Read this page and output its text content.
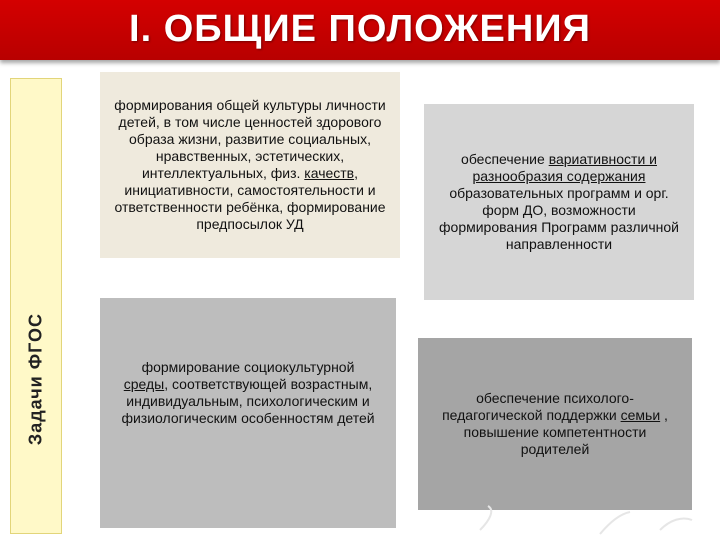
I. ОБЩИЕ ПОЛОЖЕНИЯ
Задачи ФГОС
формирования общей культуры личности детей, в том числе ценностей здорового образа жизни, развитие социальных, нравственных, эстетических, интеллектуальных, физ. качеств, инициативности, самостоятельности и ответственности ребёнка, формирование предпосылок УД
обеспечение вариативности и разнообразия содержания образовательных программ и орг. форм ДО, возможности формирования Программ различной направленности
формирование социокультурной среды, соответствующей возрастным, индивидуальным, психологическим и физиологическим особенностям детей
обеспечение психолого-педагогической поддержки семьи , повышение компетентности родителей
